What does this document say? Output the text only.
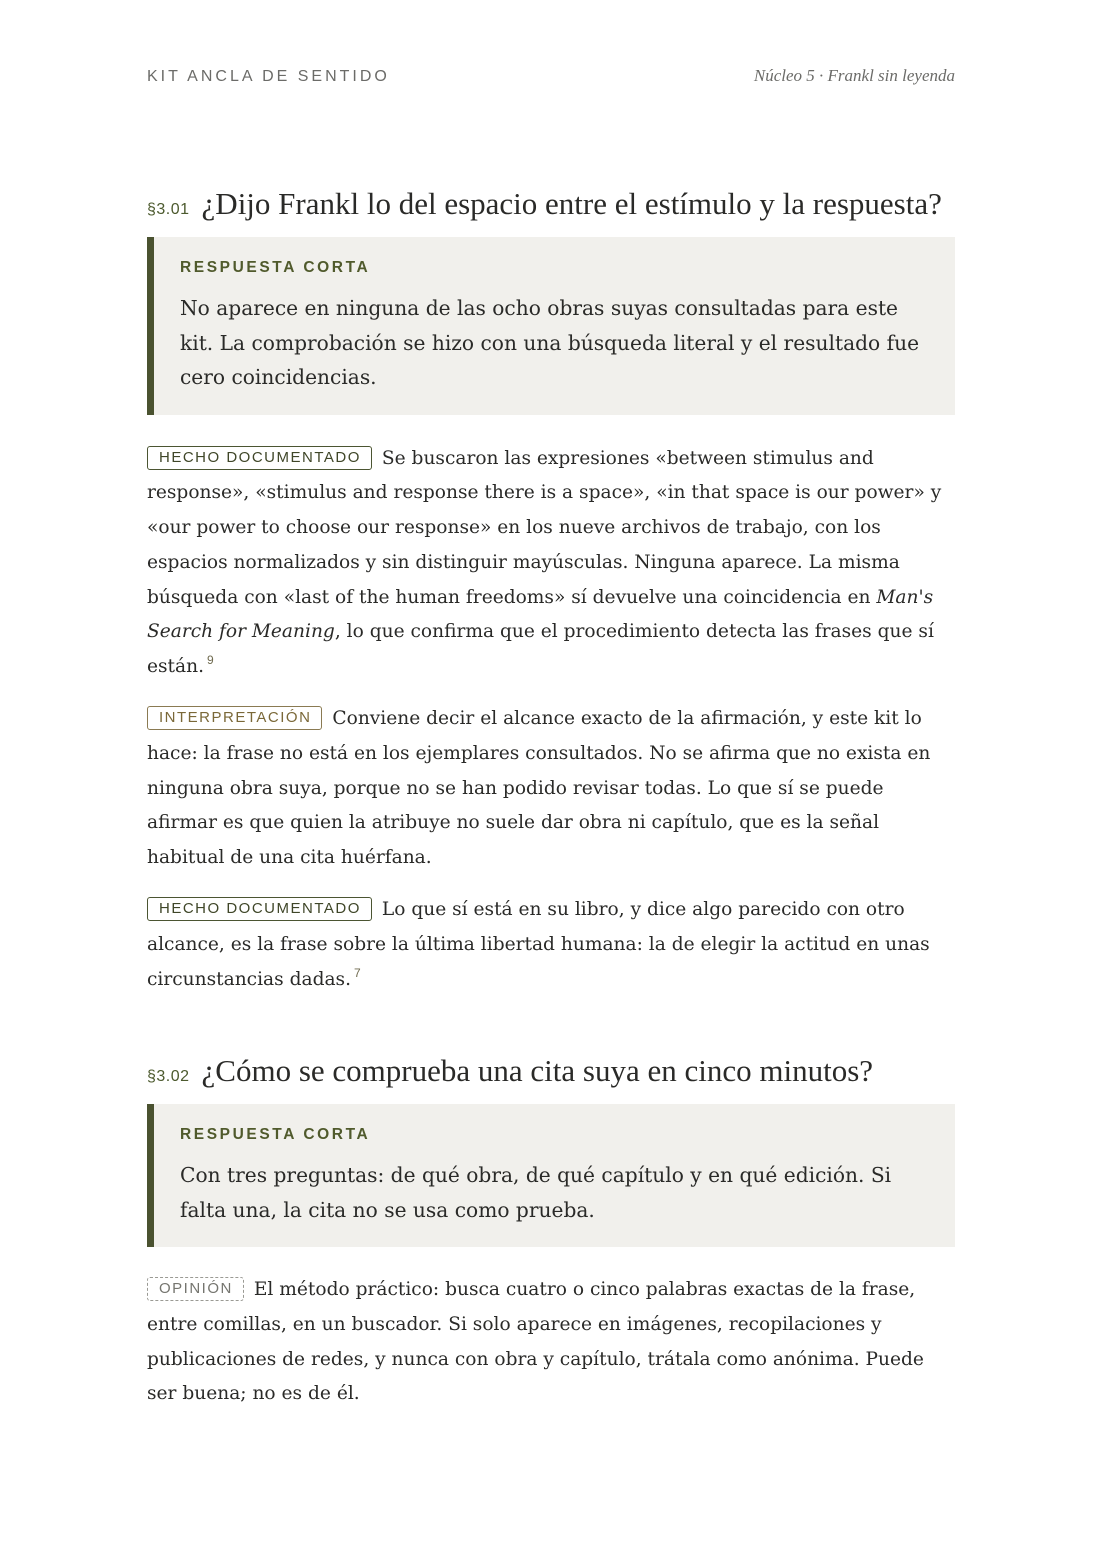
KIT ANCLA DE SENTIDO	Núcleo 5 · Frankl sin leyenda
§3.01 ¿Dijo Frankl lo del espacio entre el estímulo y la respuesta?
RESPUESTA CORTA

No aparece en ninguna de las ocho obras suyas consultadas para este kit. La comprobación se hizo con una búsqueda literal y el resultado fue cero coincidencias.

HECHO DOCUMENTADO Se buscaron las expresiones «between stimulus and response», «stimulus and response there is a space», «in that space is our power» y «our power to choose our response» en los nueve archivos de trabajo, con los espacios normalizados y sin distinguir mayúsculas. Ninguna aparece. La misma búsqueda con «last of the human freedoms» sí devuelve una coincidencia en Man's Search for Meaning, lo que confirma que el procedimiento detecta las frases que sí están. $^9$

INTERPRETACIÓN Conviene decir el alcance exacto de la afirmación, y este kit lo hace: la frase no está en los ejemplares consultados. No se afirma que no exista en ninguna obra suya, porque no se han podido revisar todas. Lo que sí se puede afirmar es que quien la atribuye no suele dar obra ni capítulo, que es la señal habitual de una cita huérfana.

HECHO DOCUMENTADO Lo que sí está en su libro, y dice algo parecido con otro alcance, es la frase sobre la última libertad humana: la de elegir la actitud en unas circunstancias dadas. $^7$

§3.02 ¿Cómo se comprueba una cita suya en cinco minutos?
RESPUESTA CORTA

Con tres preguntas: de qué obra, de qué capítulo y en qué edición. Si falta una, la cita no se usa como prueba.

OPINIÓN El método práctico: busca cuatro o cinco palabras exactas de la frase, entre comillas, en un buscador. Si solo aparece en imágenes, recopilaciones y publicaciones de redes, y nunca con obra y capítulo, trátala como anónima. Puede ser buena; no es de él.
